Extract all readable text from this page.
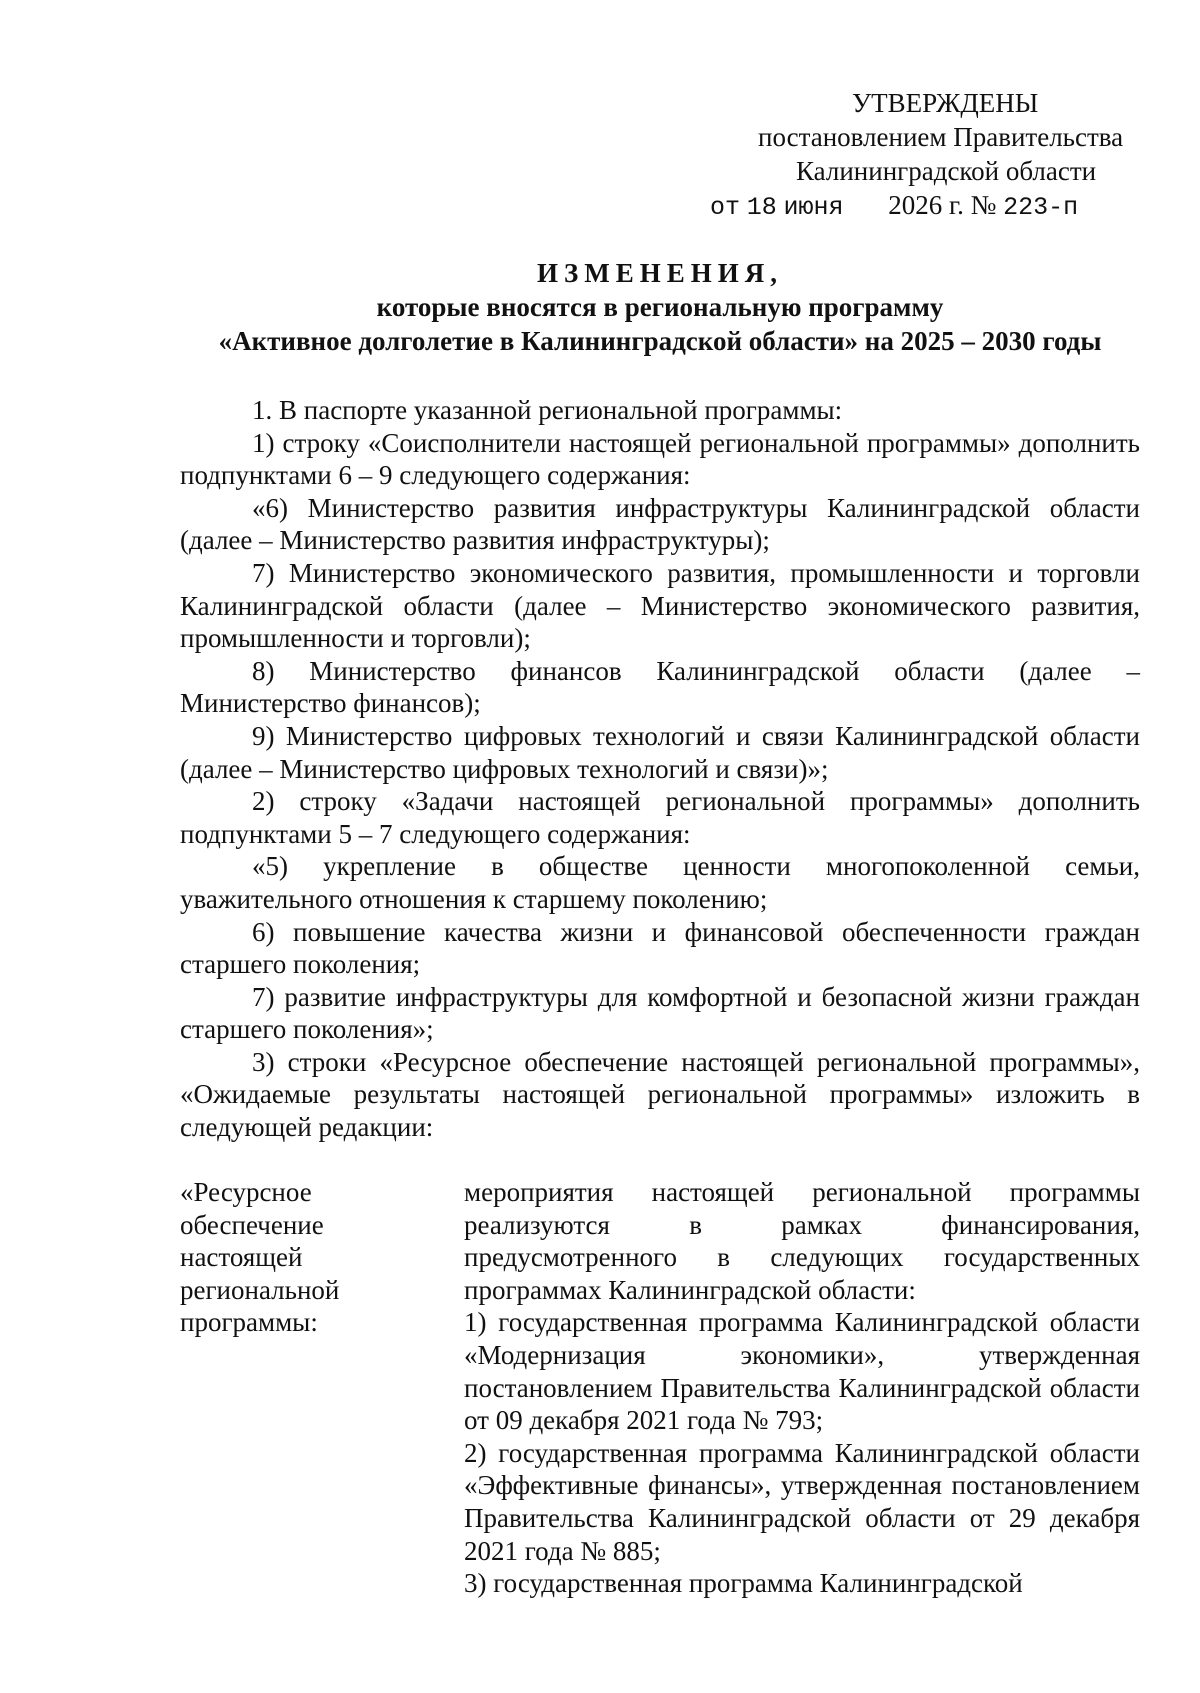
УТВЕРЖДЕНЫ
постановлением Правительства
Калининградской области
от 18 июня 2026 г. № 223-п
ИЗМЕНЕНИЯ,
которые вносятся в региональную программу
«Активное долголетие в Калининградской области» на 2025 – 2030 годы

1. В паспорте указанной региональной программы:

1) строку «Соисполнители настоящей региональной программы» дополнить подпунктами 6 – 9 следующего содержания:

«6) Министерство развития инфраструктуры Калининградской области (далее – Министерство развития инфраструктуры);

7) Министерство экономического развития, промышленности и торговли Калининградской области (далее – Министерство экономического развития, промышленности и торговли);

8) Министерство финансов Калининградской области (далее – Министерство финансов);

9) Министерство цифровых технологий и связи Калининградской области (далее – Министерство цифровых технологий и связи)»;

2) строку «Задачи настоящей региональной программы» дополнить подпунктами 5 – 7 следующего содержания:

«5) укрепление в обществе ценности многопоколенной семьи, уважительного отношения к старшему поколению;

6) повышение качества жизни и финансовой обеспеченности граждан старшего поколения;

7) развитие инфраструктуры для комфортной и безопасной жизни граждан старшего поколения»;

3) строки «Ресурсное обеспечение настоящей региональной программы», «Ожидаемые результаты настоящей региональной программы» изложить в следующей редакции:

«Ресурсное
обеспечение
настоящей
региональной
программы:

мероприятия настоящей региональной программы реализуются в рамках финансирования, предусмотренного в следующих государственных программах Калининградской области:

1) государственная программа Калининградской области «Модернизация экономики», утвержденная постановлением Правительства Калининградской области от 09 декабря 2021 года № 793;

2) государственная программа Калининградской области «Эффективные финансы», утвержденная постановлением Правительства Калининградской области от 29 декабря 2021 года № 885;

3) государственная программа Калининградской
